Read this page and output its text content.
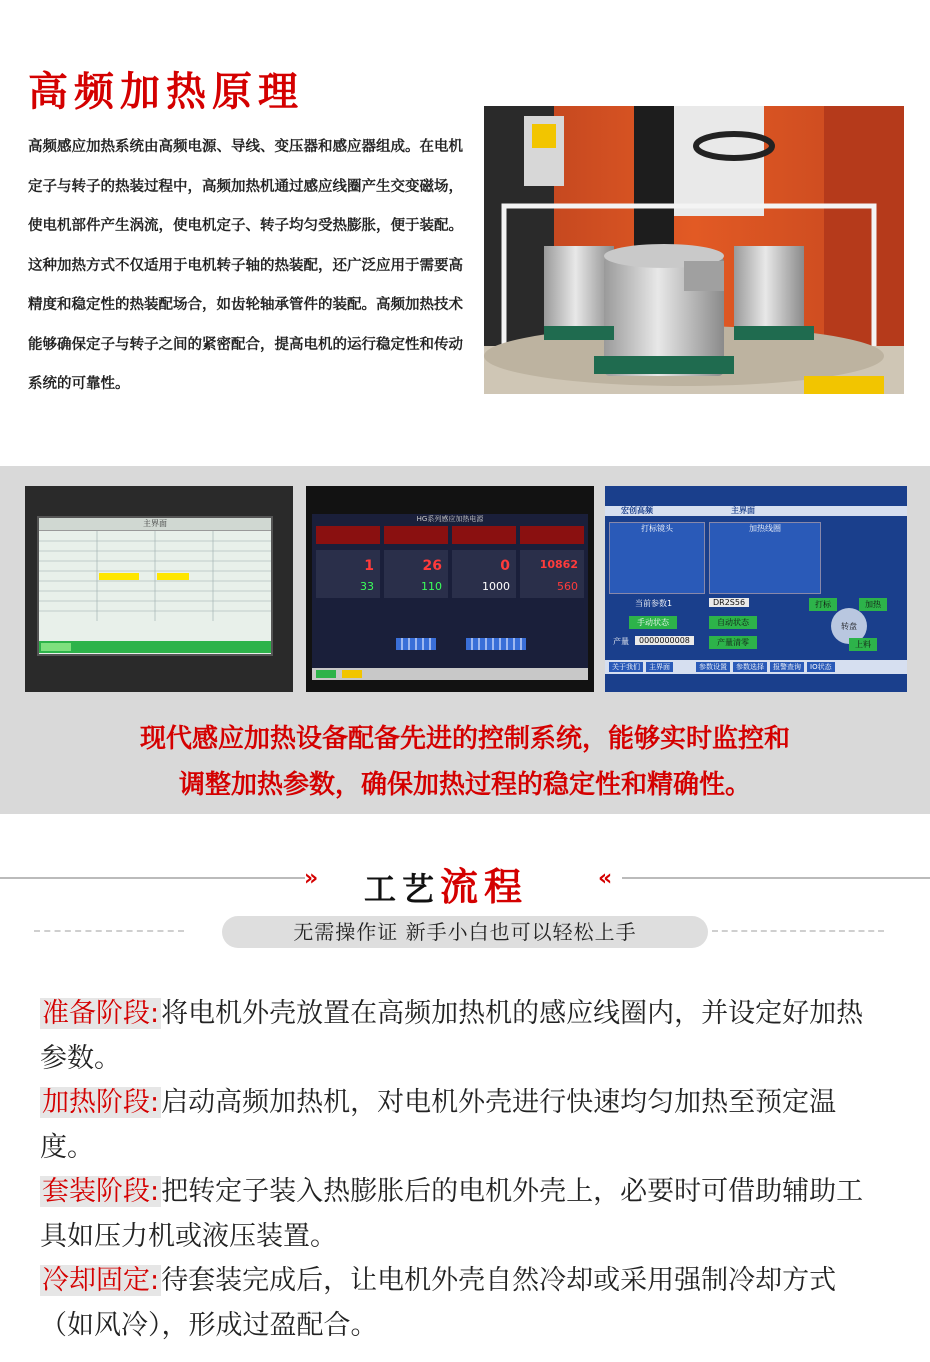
高频加热原理
高频感应加热系统由高频电源、导线、变压器和感应器组成。在电机定子与转子的热装过程中，高频加热机通过感应线圈产生交变磁场，使电机部件产生涡流，使电机定子、转子均匀受热膨胀，便于装配。这种加热方式不仅适用于电机转子轴的热装配，还广泛应用于需要高精度和稳定性的热装配场合，如齿轮轴承管件的装配。高频加热技术能够确保定子与转子之间的紧密配合，提高电机的运行稳定性和传动系统的可靠性。
主界面	HG系列感应加热电源
1
33
26
110
0
1000
10862
560
宏创高频	主界面
打标镜头	加热线圈
当前参数1	DR2S56
手动状态	自动状态
产量	0000000008	产量清零
打标	加热
转盘
上料
关于我们	主界面	参数设置	参数选择	报警查询	IO状态
现代感应加热设备配备先进的控制系统，能够实时监控和
调整加热参数，确保加热过程的稳定性和精确性。
»	«
工艺流程
无需操作证 新手小白也可以轻松上手

准备阶段:将电机外壳放置在高频加热机的感应线圈内，并设定好加热参数。

加热阶段:启动高频加热机，对电机外壳进行快速均匀加热至预定温度。

套装阶段:把转定子装入热膨胀后的电机外壳上，必要时可借助辅助工具如压力机或液压装置。

冷却固定:待套装完成后，让电机外壳自然冷却或采用强制冷却方式（如风冷），形成过盈配合。
